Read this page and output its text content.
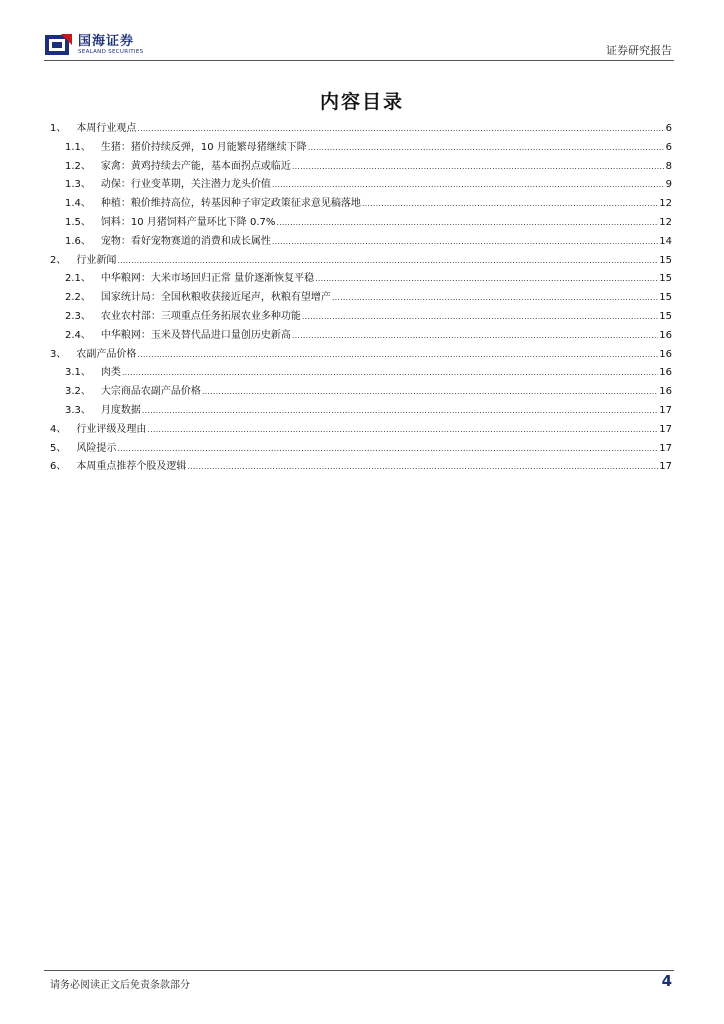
国海证券
SEALAND SECURITIES	证券研究报告
内容目录
1、 本周行业观点 .....	6
1.1、 生猪：猪价持续反弹，10 月能繁母猪继续下降 .....	6
1.2、 家禽：黄鸡持续去产能，基本面拐点或临近 .....	8
1.3、 动保：行业变革期，关注潜力龙头价值 .....	9
1.4、 种植：粮价维持高位，转基因种子审定政策征求意见稿落地 .....	12
1.5、 饲料：10 月猪饲料产量环比下降 0.7% .....	12
1.6、 宠物：看好宠物赛道的消费和成长属性 .....	14
2、 行业新闻 .....	15
2.1、 中华粮网：大米市场回归正常 量价逐渐恢复平稳 .....	15
2.2、 国家统计局：全国秋粮收获接近尾声，秋粮有望增产 .....	15
2.3、 农业农村部：三项重点任务拓展农业多种功能 .....	15
2.4、 中华粮网：玉米及替代品进口量创历史新高 .....	16
3、 农副产品价格 .....	16
3.1、 肉类 .....	16
3.2、 大宗商品农副产品价格 .....	16
3.3、 月度数据 .....	17
4、 行业评级及理由 .....	17
5、 风险提示 .....	17
6、 本周重点推荐个股及逻辑 .....	17
请务必阅读正文后免责条款部分	4
